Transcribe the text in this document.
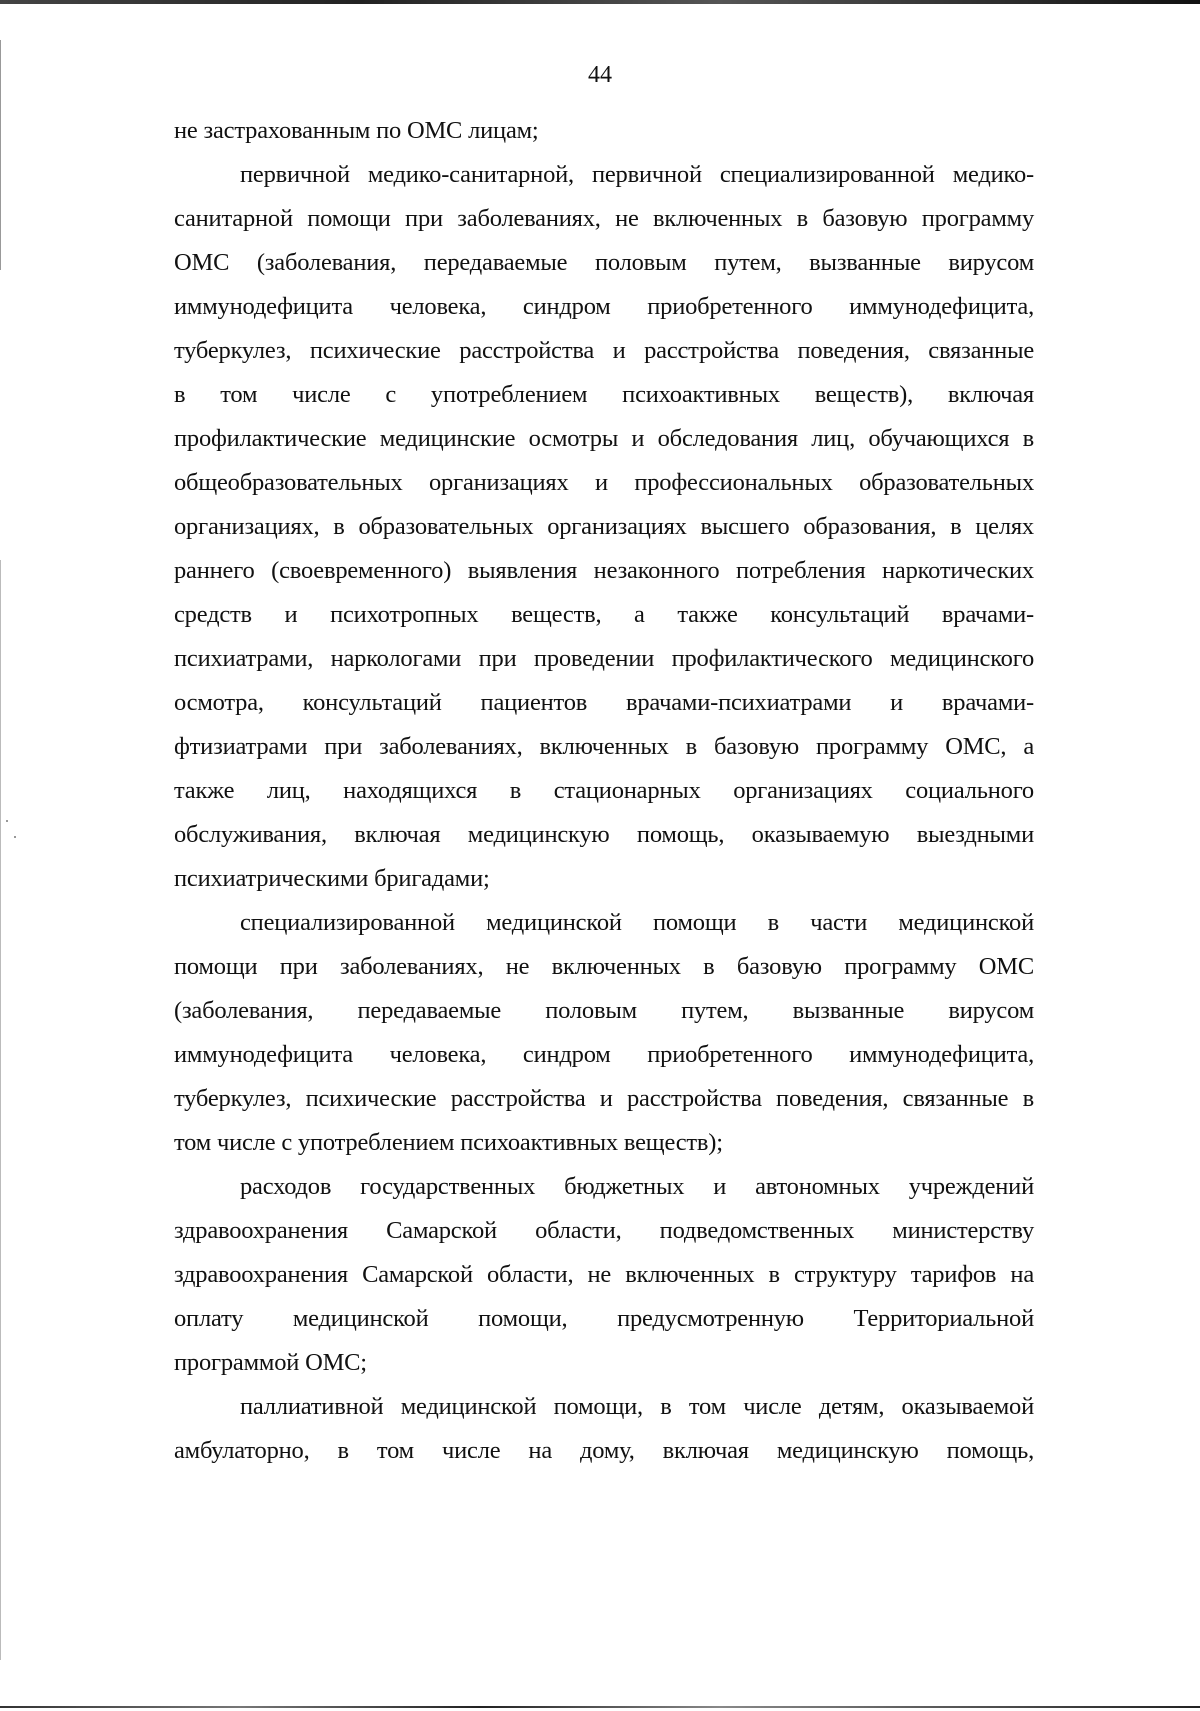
44
не застрахованным по ОМС лицам;
первичной медико-санитарной, первичной специализированной медико-
санитарной помощи при заболеваниях, не включенных в базовую программу
ОМС (заболевания, передаваемые половым путем, вызванные вирусом
иммунодефицита человека, синдром приобретенного иммунодефицита,
туберкулез, психические расстройства и расстройства поведения, связанные
в том числе с употреблением психоактивных веществ), включая
профилактические медицинские осмотры и обследования лиц, обучающихся в
общеобразовательных организациях и профессиональных образовательных
организациях, в образовательных организациях высшего образования, в целях
раннего (своевременного) выявления незаконного потребления наркотических
средств и психотропных веществ, а также консультаций врачами-
психиатрами, наркологами при проведении профилактического медицинского
осмотра, консультаций пациентов врачами-психиатрами и врачами-
фтизиатрами при заболеваниях, включенных в базовую программу ОМС, а
также лиц, находящихся в стационарных организациях социального
обслуживания, включая медицинскую помощь, оказываемую выездными
психиатрическими бригадами;
специализированной медицинской помощи в части медицинской
помощи при заболеваниях, не включенных в базовую программу ОМС
(заболевания, передаваемые половым путем, вызванные вирусом
иммунодефицита человека, синдром приобретенного иммунодефицита,
туберкулез, психические расстройства и расстройства поведения, связанные в
том числе с употреблением психоактивных веществ);
расходов государственных бюджетных и автономных учреждений
здравоохранения Самарской области, подведомственных министерству
здравоохранения Самарской области, не включенных в структуру тарифов на
оплату медицинской помощи, предусмотренную Территориальной
программой ОМС;
паллиативной медицинской помощи, в том числе детям, оказываемой
амбулаторно, в том числе на дому, включая медицинскую помощь,
